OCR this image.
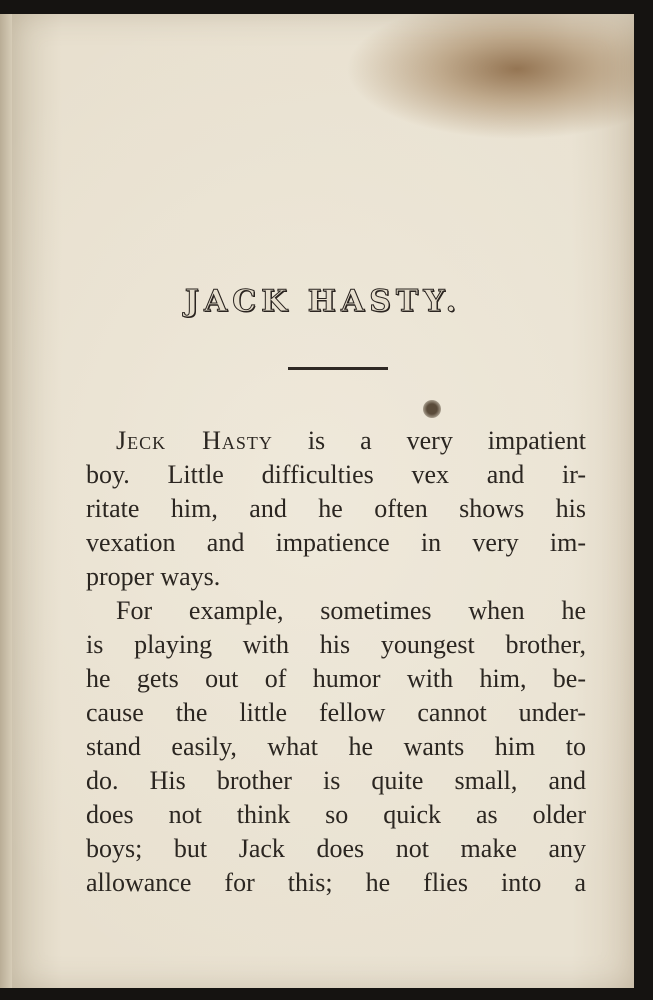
JACK HASTY.
Jeck Hasty is a very impatient
boy. Little difficulties vex and ir-
ritate him, and he often shows his
vexation and impatience in very im-
proper ways.
For example, sometimes when he
is playing with his youngest brother,
he gets out of humor with him, be-
cause the little fellow cannot under-
stand easily, what he wants him to
do. His brother is quite small, and
does not think so quick as older
boys; but Jack does not make any
allowance for this; he flies into a
